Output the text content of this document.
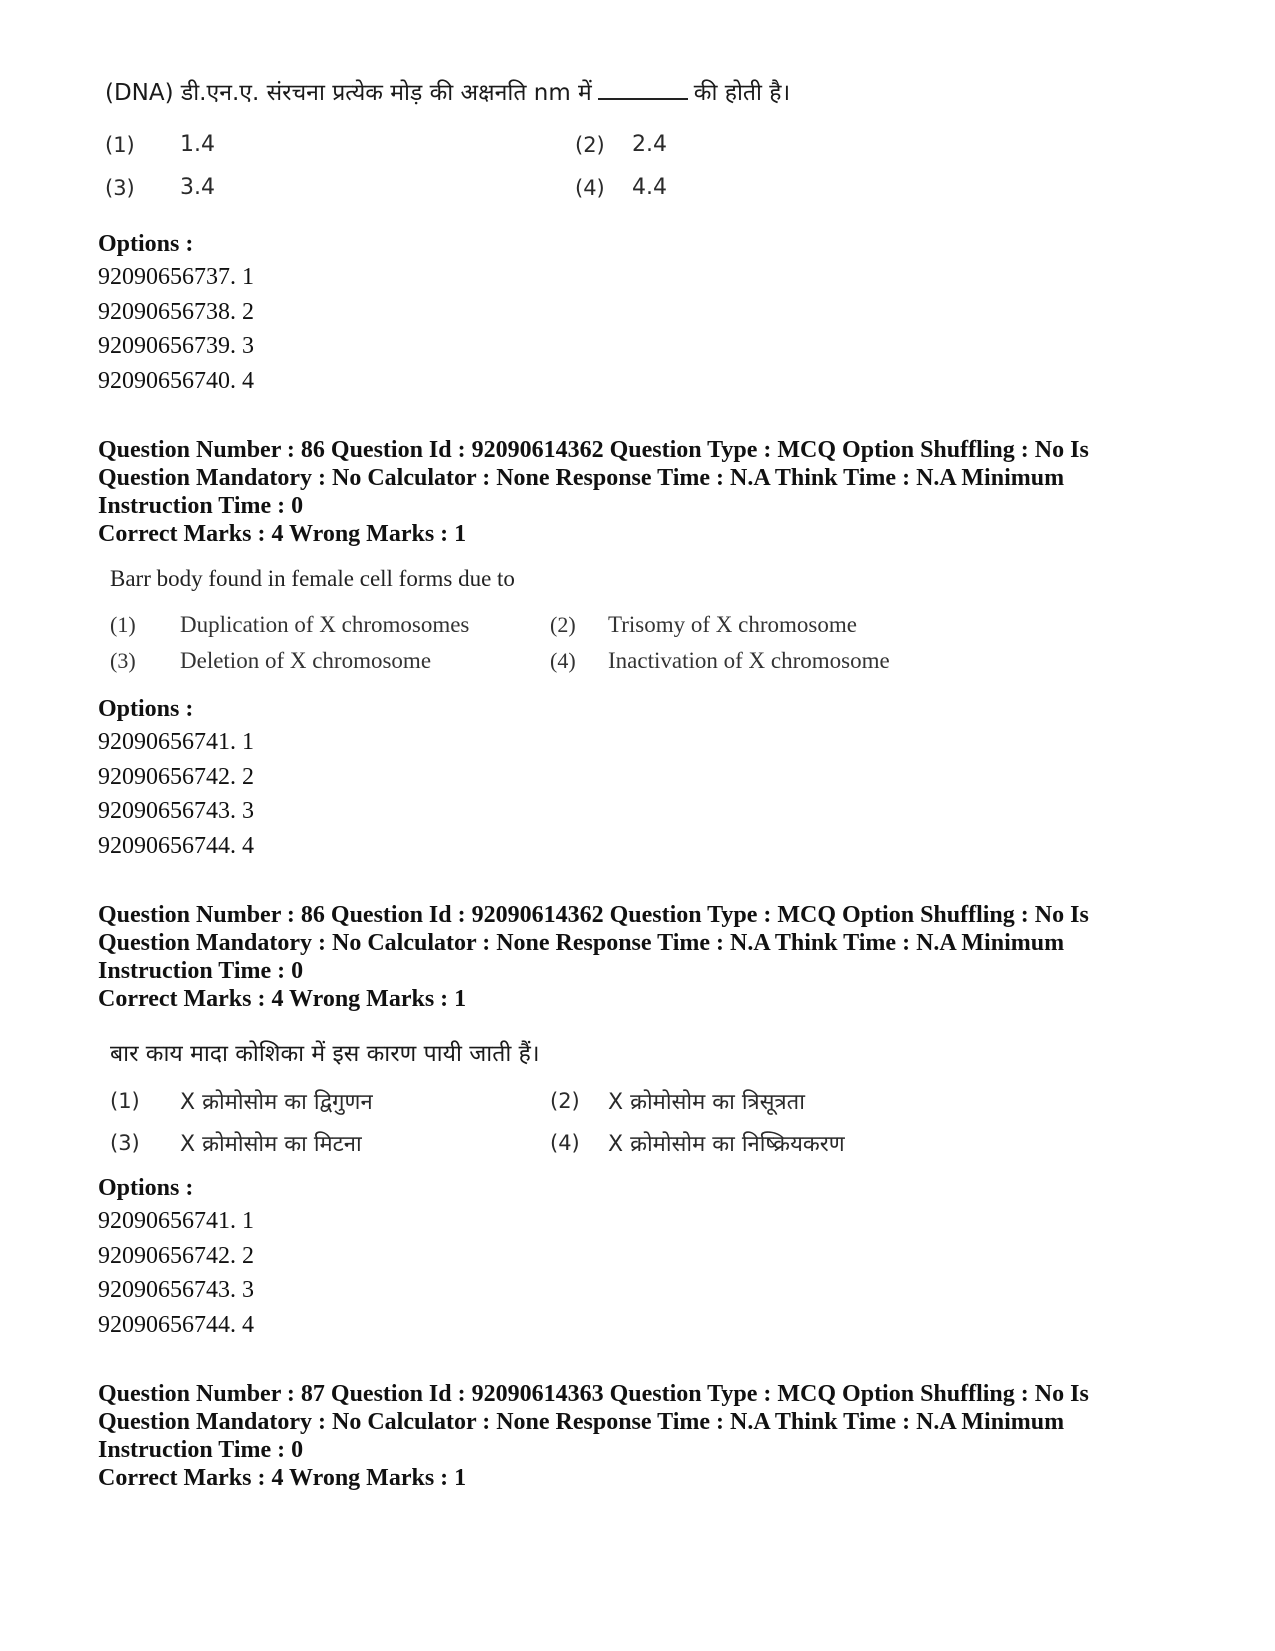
(DNA) डी.एन.ए. संरचना प्रत्येक मोड़ की अक्षनति nm में	की होती है।
(1)	1.4	(2)	2.4
(3)	3.4	(4)	4.4
Options :
92090656737. 1
92090656738. 2
92090656739. 3
92090656740. 4
Question Number : 86 Question Id : 92090614362 Question Type : MCQ Option Shuffling : No Is Question Mandatory : No Calculator : None Response Time : N.A Think Time : N.A Minimum Instruction Time : 0
Correct Marks : 4 Wrong Marks : 1
Barr body found in female cell forms due to
(1)	Duplication of X chromosomes	(2)	Trisomy of X chromosome
(3)	Deletion of X chromosome	(4)	Inactivation of X chromosome
Options :
92090656741. 1
92090656742. 2
92090656743. 3
92090656744. 4
Question Number : 86 Question Id : 92090614362 Question Type : MCQ Option Shuffling : No Is Question Mandatory : No Calculator : None Response Time : N.A Think Time : N.A Minimum Instruction Time : 0
Correct Marks : 4 Wrong Marks : 1
बार काय मादा कोशिका में इस कारण पायी जाती हैं।
(1)	X क्रोमोसोम का द्विगुणन	(2)	X क्रोमोसोम का त्रिसूत्रता
(3)	X क्रोमोसोम का मिटना	(4)	X क्रोमोसोम का निष्क्रियकरण
Options :
92090656741. 1
92090656742. 2
92090656743. 3
92090656744. 4
Question Number : 87 Question Id : 92090614363 Question Type : MCQ Option Shuffling : No Is Question Mandatory : No Calculator : None Response Time : N.A Think Time : N.A Minimum Instruction Time : 0
Correct Marks : 4 Wrong Marks : 1
